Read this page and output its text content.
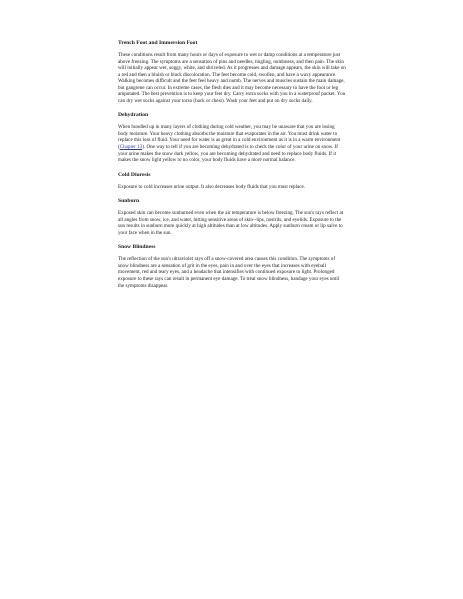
Trench Foot and Immersion Foot

These conditions result from many hours or days of exposure to wet or damp conditions at a temperature just above freezing. The symptoms are a sensation of pins and needles, tingling, numbness, and then pain. The skin will initially appear wet, soggy, white, and shriveled. As it progresses and damage appears, the skin will take on a red and then a bluish or black discoloration. The feet become cold, swollen, and have a waxy appearance. Walking becomes difficult and the feet feel heavy and numb. The nerves and muscles sustain the main damage, but gangrene can occur. In extreme cases, the flesh dies and it may become necessary to have the foot or leg amputated. The best prevention is to keep your feet dry. Carry extra socks with you in a waterproof packet. You can dry wet socks against your torso (back or chest). Wash your feet and put on dry socks daily.

Dehydration

When bundled up in many layers of clothing during cold weather, you may be unaware that you are losing body moisture. Your heavy clothing absorbs the moisture that evaporates in the air. You must drink water to replace this loss of fluid. Your need for water is as great in a cold environment as it is in a warm environment (Chapter 13). One way to tell if you are becoming dehydrated is to check the color of your urine on snow. If your urine makes the snow dark yellow, you are becoming dehydrated and need to replace body fluids. If it makes the snow light yellow to no color, your body fluids have a more normal balance.

Cold Diuresis

Exposure to cold increases urine output. It also decreases body fluids that you must replace.

Sunburn

Exposed skin can become sunburned even when the air temperature is below freezing. The sun's rays reflect at all angles from snow, ice, and water, hitting sensitive areas of skin--lips, nostrils, and eyelids. Exposure to the sun results in sunburn more quickly at high altitudes than at low altitudes. Apply sunburn cream or lip salve to your face when in the sun.

Snow Blindness

The reflection of the sun's ultraviolet rays off a snow-covered area causes this condition. The symptoms of snow blindness are a sensation of grit in the eyes, pain in and over the eyes that increases with eyeball movement, red and teary eyes, and a headache that intensifies with continued exposure to light. Prolonged exposure to these rays can result in permanent eye damage. To treat snow blindness, bandage your eyes until the symptoms disappear.
